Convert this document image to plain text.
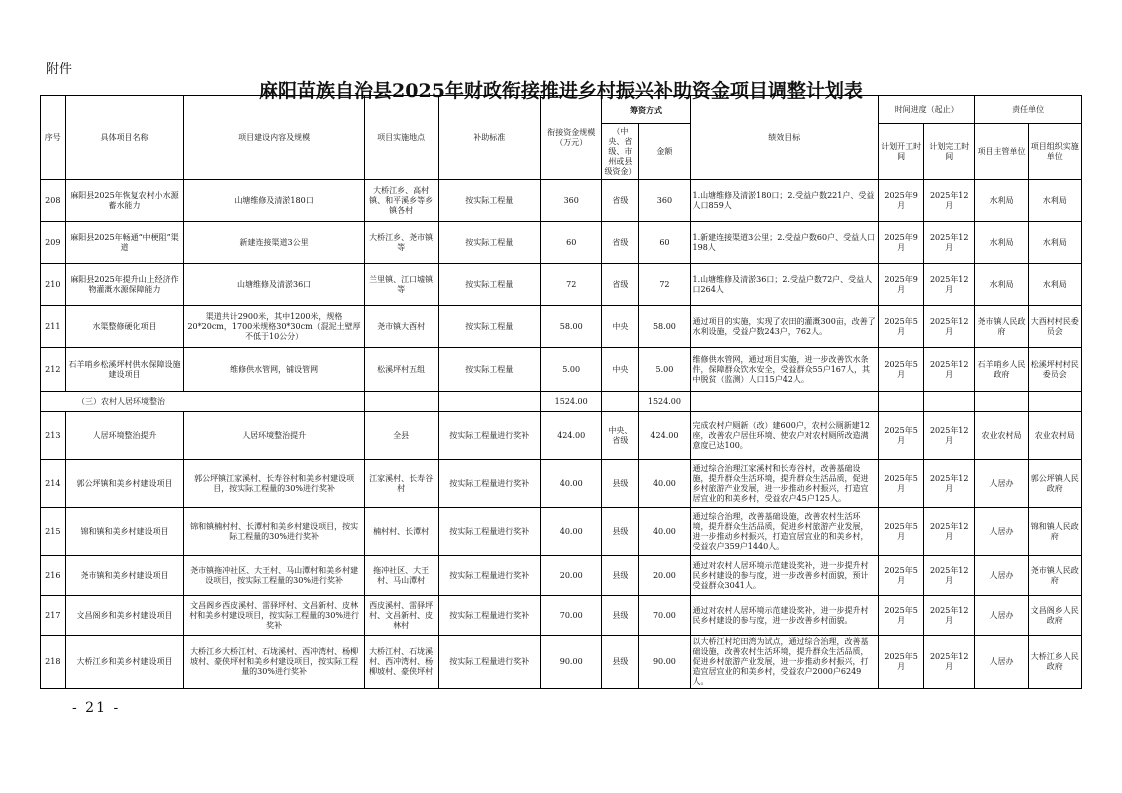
附件
麻阳苗族自治县2025年财政衔接推进乡村振兴补助资金项目调整计划表
序号	具体项目名称	项目建设内容及规模	项目实施地点	补助标准	衔接资金规模（万元）	筹资方式		绩效目标	时间进度（起止）		责任单位	
						（中央、省级、市州或县级资金）	金额		计划开工时间	计划完工时间	项目主管单位	项目组织实施单位
208	麻阳县2025年恢复农村小水源蓄水能力	山塘维修及清淤180口	大桥江乡、高村镇、和平溪乡等乡镇各村	按实际工程量	360	省级	360	1.山塘维修及清淤180口；2.受益户数221户、受益人口859人	2025年9月	2025年12月	水利局	水利局
209	麻阳县2025年畅通“中梗阻”渠道	新建连接渠道3公里	大桥江乡、尧市镇等	按实际工程量	60	省级	60	1.新建连接渠道3公里；2.受益户数60户、受益人口198人	2025年9月	2025年12月	水利局	水利局
210	麻阳县2025年提升山上经济作物灌溉水源保障能力	山塘维修及清淤36口	兰里镇、江口墟镇等	按实际工程量	72	省级	72	1.山塘维修及清淤36口；2.受益户数72户、受益人口264人	2025年9月	2025年12月	水利局	水利局
211	水渠整修硬化项目	渠道共计2900米，其中1200米，规格20*20cm，1700米规格30*30cm（混泥土壁厚不低于10公分）	尧市镇大酉村	按实际工程量	58.00	中央	58.00	通过项目的实施，实现了农田的灌溉300亩，改善了水利设施，受益户数243户，762人。	2025年5月	2025年12月	尧市镇人民政府	大酉村村民委员会
212	石羊哨乡松溪坪村供水保障设施建设项目	维修供水管网，铺设管网	松溪坪村五组	按实际工程量	5.00	中央	5.00	维修供水管网，通过项目实施，进一步改善饮水条件，保障群众饮水安全，受益群众55户167人，其中脱贫（监测）人口15户42人。	2025年5月	2025年12月	石羊哨乡人民政府	松溪坪村村民委员会
（三）农村人居环境整治					1524.00		1524.00					
213	人居环境整治提升	人居环境整治提升	全县	按实际工程量进行奖补	424.00	中央、省级	424.00	完成农村户厕新（改）建600户，农村公厕新建12座，改善农户居住环境、使农户对农村厕所改造满意度已达100。	2025年5月	2025年12月	农业农村局	农业农村局
214	郭公坪镇和美乡村建设项目	郭公坪镇江家溪村、长寿谷村和美乡村建设项目，按实际工程量的30%进行奖补	江家溪村、长寿谷村	按实际工程量进行奖补	40.00	县级	40.00	通过综合治理江家溪村和长寿谷村，改善基础设施，提升群众生活环境，提升群众生活品质，促进乡村旅游产业发展，进一步推动乡村振兴，打造宜居宜业的和美乡村，受益农户45户125人。	2025年5月	2025年12月	人居办	郭公坪镇人民政府
215	锦和镇和美乡村建设项目	锦和镇楠村村、长潭村和美乡村建设项目，按实际工程量的30%进行奖补	楠村村、长潭村	按实际工程量进行奖补	40.00	县级	40.00	通过综合治理，改善基础设施，改善农村生活环境，提升群众生活品质，促进乡村旅游产业发展，进一步推动乡村振兴，打造宜居宜业的和美乡村，受益农户359户1440人。	2025年5月	2025年12月	人居办	锦和镇人民政府
216	尧市镇和美乡村建设项目	尧市镇拖冲社区、大王村、马山潭村和美乡村建设项目，按实际工程量的30%进行奖补	拖冲社区、大王村、马山潭村	按实际工程量进行奖补	20.00	县级	20.00	通过对农村人居环境示范建设奖补，进一步提升村民乡村建设的参与度，进一步改善乡村面貌，预计受益群众3041人。	2025年5月	2025年12月	人居办	尧市镇人民政府
217	文昌阁乡和美乡村建设项目	文昌阁乡西皮溪村、雷驿坪村、文昌新村、皮林村和美乡村建设项目，按实际工程量的30%进行奖补	西皮溪村、雷驿坪村、文昌新村、皮林村	按实际工程量进行奖补	70.00	县级	70.00	通过对农村人居环境示范建设奖补，进一步提升村民乡村建设的参与度，进一步改善乡村面貌。	2025年5月	2025年12月	人居办	文昌阁乡人民政府
218	大桥江乡和美乡村建设项目	大桥江乡大桥江村、石垅溪村、西冲湾村、杨柳坡村、豪侠坪村和美乡村建设项目，按实际工程量的30%进行奖补	大桥江村、石垅溪村、西冲湾村、杨柳坡村、豪侠坪村	按实际工程量进行奖补	90.00	县级	90.00	以大桥江村坨田湾为试点，通过综合治理，改善基础设施，改善农村生活环境，提升群众生活品质，促进乡村旅游产业发展，进一步推动乡村振兴，打造宜居宜业的和美乡村，受益农户2000户6249人。	2025年5月	2025年12月	人居办	大桥江乡人民政府
- 21 -
